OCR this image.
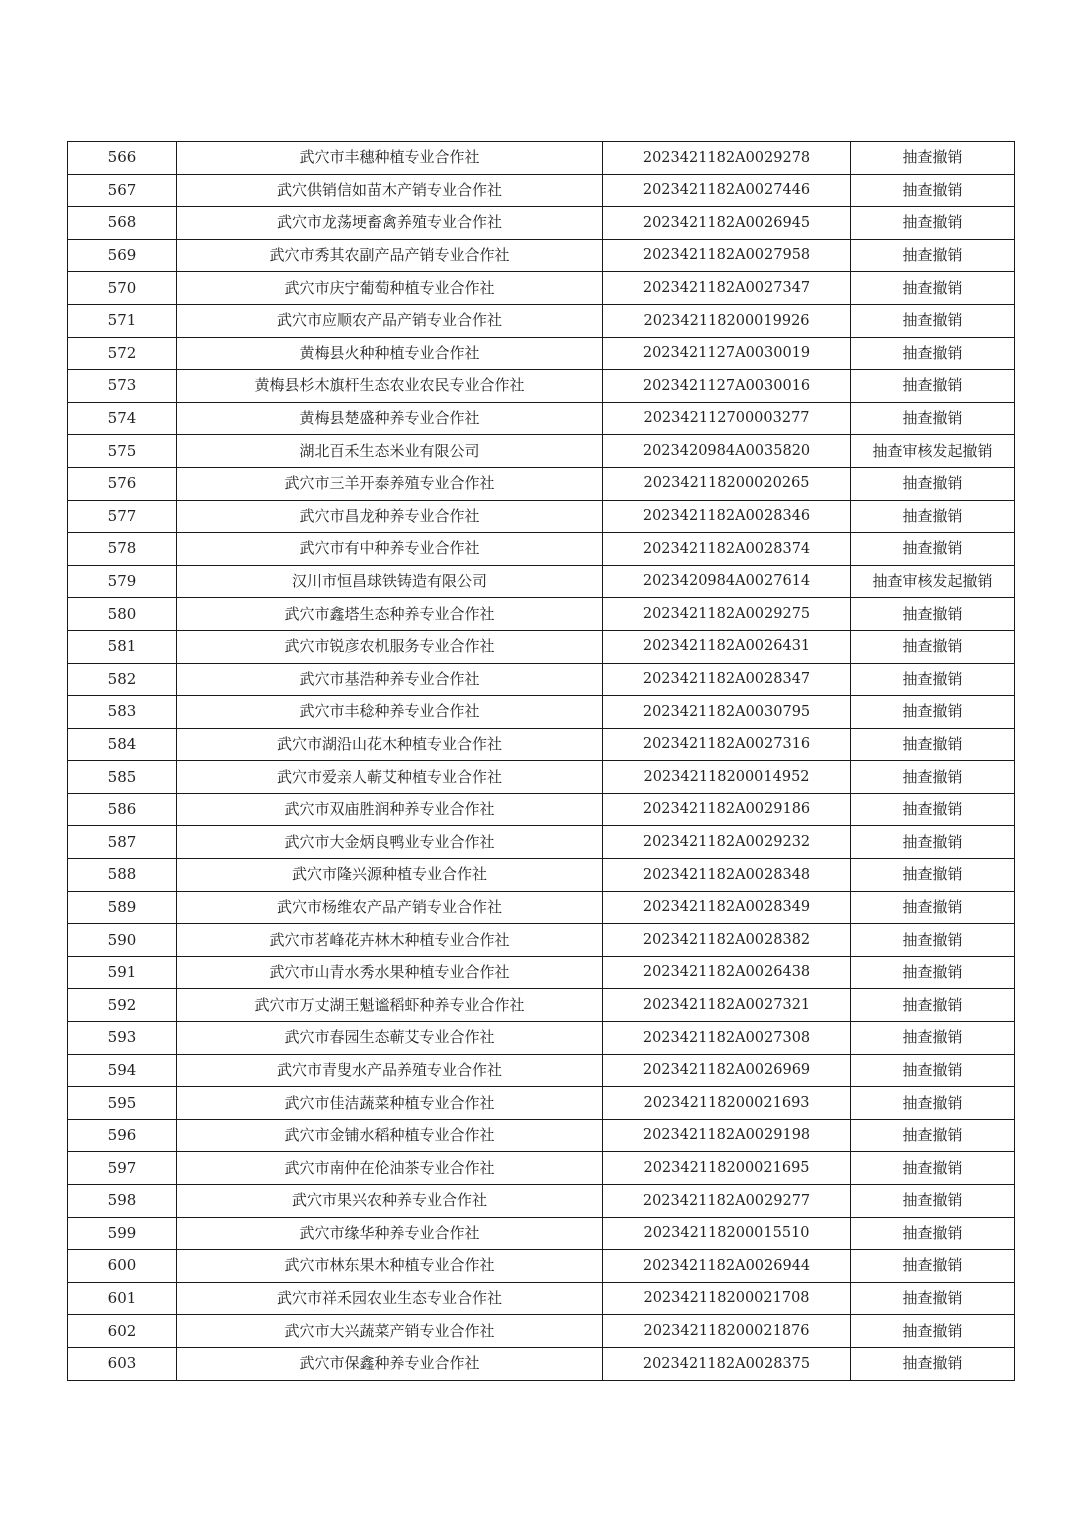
566	武穴市丰穗种植专业合作社	2023421182A0029278	抽查撤销
567	武穴供销信如苗木产销专业合作社	2023421182A0027446	抽查撤销
568	武穴市龙荡埂畜禽养殖专业合作社	2023421182A0026945	抽查撤销
569	武穴市秀其农副产品产销专业合作社	2023421182A0027958	抽查撤销
570	武穴市庆宁葡萄种植专业合作社	2023421182A0027347	抽查撤销
571	武穴市应顺农产品产销专业合作社	202342118200019926	抽查撤销
572	黄梅县火种种植专业合作社	2023421127A0030019	抽查撤销
573	黄梅县杉木旗杆生态农业农民专业合作社	2023421127A0030016	抽查撤销
574	黄梅县楚盛种养专业合作社	202342112700003277	抽查撤销
575	湖北百禾生态米业有限公司	2023420984A0035820	抽查审核发起撤销
576	武穴市三羊开泰养殖专业合作社	202342118200020265	抽查撤销
577	武穴市昌龙种养专业合作社	2023421182A0028346	抽查撤销
578	武穴市有中种养专业合作社	2023421182A0028374	抽查撤销
579	汉川市恒昌球铁铸造有限公司	2023420984A0027614	抽查审核发起撤销
580	武穴市鑫塔生态种养专业合作社	2023421182A0029275	抽查撤销
581	武穴市锐彦农机服务专业合作社	2023421182A0026431	抽查撤销
582	武穴市基浩种养专业合作社	2023421182A0028347	抽查撤销
583	武穴市丰稔种养专业合作社	2023421182A0030795	抽查撤销
584	武穴市湖沿山花木种植专业合作社	2023421182A0027316	抽查撤销
585	武穴市爱亲人蕲艾种植专业合作社	202342118200014952	抽查撤销
586	武穴市双庙胜润种养专业合作社	2023421182A0029186	抽查撤销
587	武穴市大金炳良鸭业专业合作社	2023421182A0029232	抽查撤销
588	武穴市隆兴源种植专业合作社	2023421182A0028348	抽查撤销
589	武穴市杨维农产品产销专业合作社	2023421182A0028349	抽查撤销
590	武穴市茗峰花卉林木种植专业合作社	2023421182A0028382	抽查撤销
591	武穴市山青水秀水果种植专业合作社	2023421182A0026438	抽查撤销
592	武穴市万丈湖王魁谧稻虾种养专业合作社	2023421182A0027321	抽查撤销
593	武穴市春园生态蕲艾专业合作社	2023421182A0027308	抽查撤销
594	武穴市青叟水产品养殖专业合作社	2023421182A0026969	抽查撤销
595	武穴市佳洁蔬菜种植专业合作社	202342118200021693	抽查撤销
596	武穴市金铺水稻种植专业合作社	2023421182A0029198	抽查撤销
597	武穴市南仲在伦油茶专业合作社	202342118200021695	抽查撤销
598	武穴市果兴农种养专业合作社	2023421182A0029277	抽查撤销
599	武穴市缘华种养专业合作社	202342118200015510	抽查撤销
600	武穴市林东果木种植专业合作社	2023421182A0026944	抽查撤销
601	武穴市祥禾园农业生态专业合作社	202342118200021708	抽查撤销
602	武穴市大兴蔬菜产销专业合作社	202342118200021876	抽查撤销
603	武穴市保鑫种养专业合作社	2023421182A0028375	抽查撤销
